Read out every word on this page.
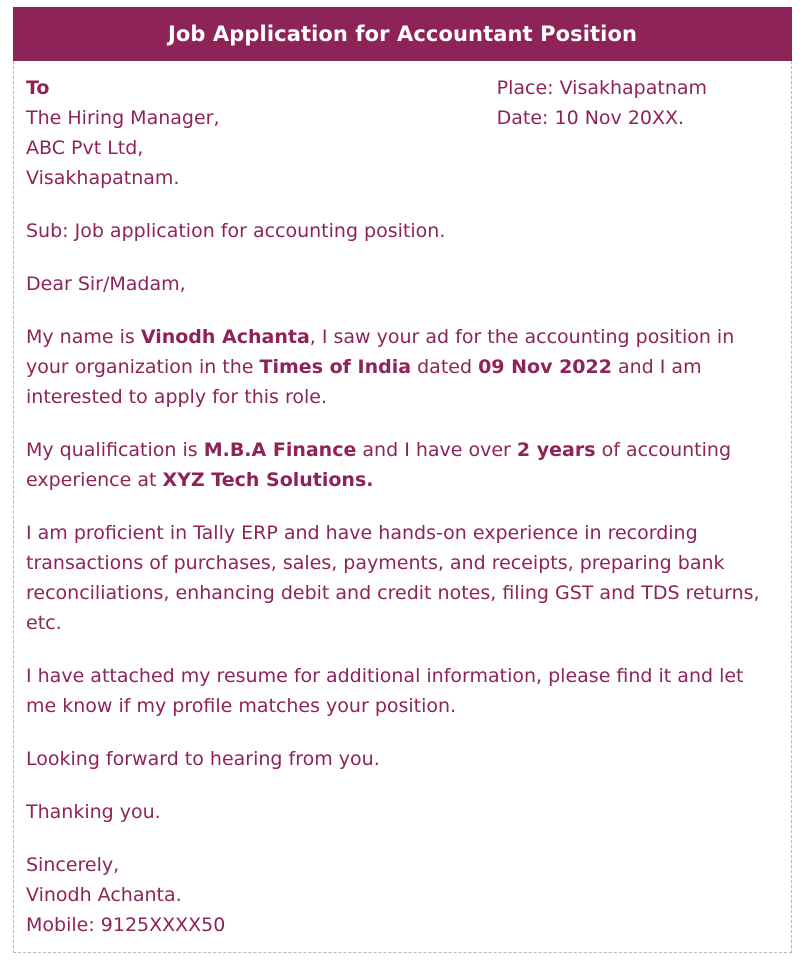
Job Application for Accountant Position
To
The Hiring Manager,
ABC Pvt Ltd,
Visakhapatnam.
Place: Visakhapatnam
Date: 10 Nov 20XX.
Sub: Job application for accounting position.
Dear Sir/Madam,
My name is Vinodh Achanta, I saw your ad for the accounting position in your organization in the Times of India dated 09 Nov 2022 and I am interested to apply for this role.
My qualification is M.B.A Finance and I have over 2 years of accounting experience at XYZ Tech Solutions.
I am proficient in Tally ERP and have hands-on experience in recording transactions of purchases, sales, payments, and receipts, preparing bank reconciliations, enhancing debit and credit notes, filing GST and TDS returns, etc.
I have attached my resume for additional information, please find it and let me know if my profile matches your position.
Looking forward to hearing from you.
Thanking you.
Sincerely,
Vinodh Achanta.
Mobile: 9125XXXX50
